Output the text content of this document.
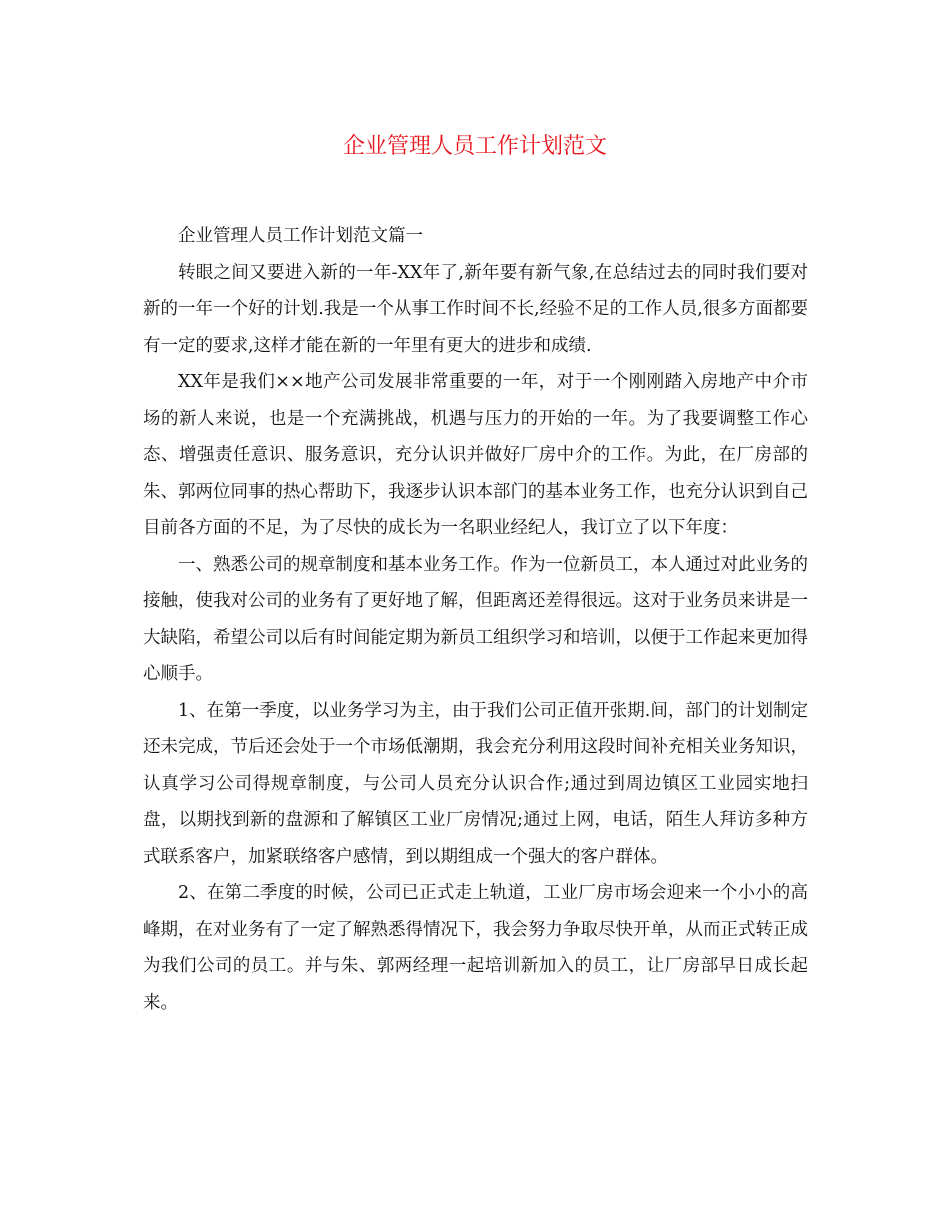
企业管理人员工作计划范文

企业管理人员工作计划范文篇一

转眼之间又要进入新的一年-XX年了,新年要有新气象,在总结过去的同时我们要对新的一年一个好的计划.我是一个从事工作时间不长,经验不足的工作人员,很多方面都要有一定的要求,这样才能在新的一年里有更大的进步和成绩.

XX年是我们××地产公司发展非常重要的一年，对于一个刚刚踏入房地产中介市场的新人来说，也是一个充满挑战，机遇与压力的开始的一年。为了我要调整工作心态、增强责任意识、服务意识，充分认识并做好厂房中介的工作。为此，在厂房部的朱、郭两位同事的热心帮助下，我逐步认识本部门的基本业务工作，也充分认识到自己目前各方面的不足，为了尽快的成长为一名职业经纪人，我订立了以下年度：

一、熟悉公司的规章制度和基本业务工作。作为一位新员工，本人通过对此业务的接触，使我对公司的业务有了更好地了解，但距离还差得很远。这对于业务员来讲是一大缺陷，希望公司以后有时间能定期为新员工组织学习和培训，以便于工作起来更加得心顺手。

1、在第一季度，以业务学习为主，由于我们公司正值开张期.间，部门的计划制定还未完成，节后还会处于一个市场低潮期，我会充分利用这段时间补充相关业务知识，认真学习公司得规章制度，与公司人员充分认识合作;通过到周边镇区工业园实地扫盘，以期找到新的盘源和了解镇区工业厂房情况;通过上网，电话，陌生人拜访多种方式联系客户，加紧联络客户感情，到以期组成一个强大的客户群体。

2、在第二季度的时候，公司已正式走上轨道，工业厂房市场会迎来一个小小的高峰期，在对业务有了一定了解熟悉得情况下，我会努力争取尽快开单，从而正式转正成为我们公司的员工。并与朱、郭两经理一起培训新加入的员工，让厂房部早日成长起来。
